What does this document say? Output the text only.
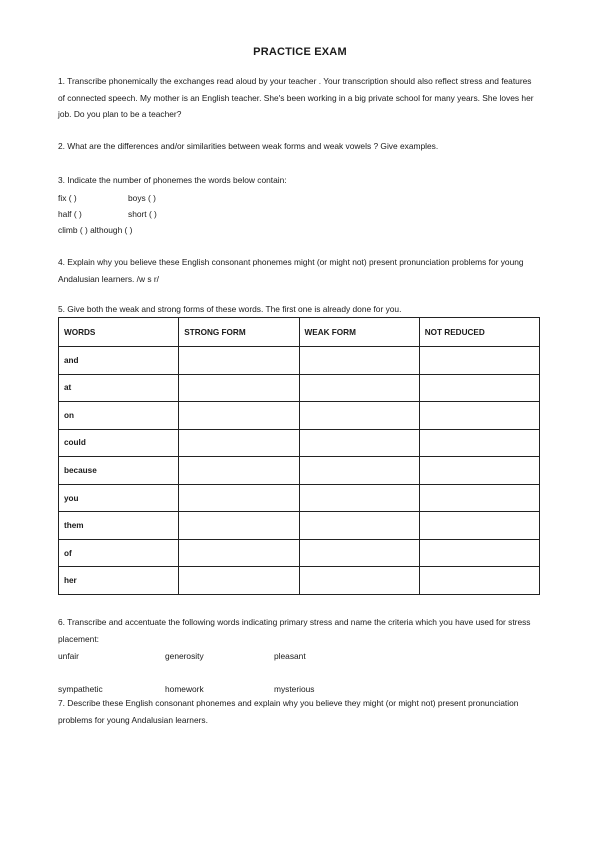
PRACTICE EXAM
1. Transcribe phonemically the exchanges read aloud by your teacher . Your transcription should also reflect stress and features of connected speech. My mother is an English teacher. She's been working in a big private school for many years. She loves her job. Do you plan to be a teacher?
2. What are the differences and/or similarities between weak forms and weak vowels ? Give examples.
3. Indicate the number of phonemes the words below contain:
fix ( )	boys ( )
half ( )	short ( )
climb ( ) although ( )
4. Explain why you believe these English consonant phonemes might (or might not) present pronunciation problems for young Andalusian learners. /w s r/
5. Give both the weak and strong forms of these words. The first one is already done for you.
WORDS	STRONG FORM	WEAK FORM	NOT REDUCED
and			
at			
on			
could			
because			
you			
them			
of			
her			
6. Transcribe and accentuate the following words indicating primary stress and name the criteria which you have used for stress placement:
unfair	generosity	pleasant
sympathetic	homework	mysterious
7. Describe these English consonant phonemes and explain why you believe they might (or might not) present pronunciation problems for young Andalusian learners.
